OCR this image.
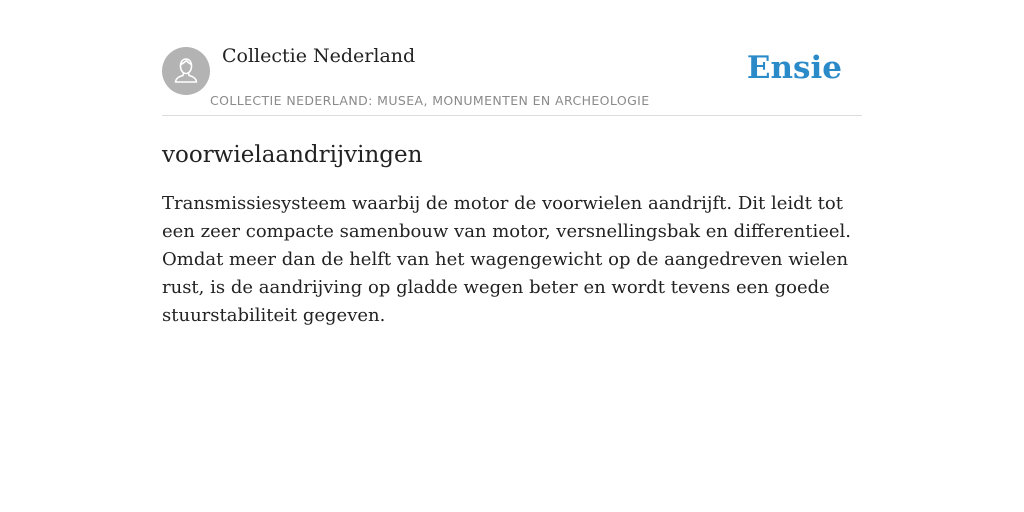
Collectie Nederland
COLLECTIE NEDERLAND: MUSEA, MONUMENTEN EN ARCHEOLOGIE
Ensie
voorwielaandrijvingen

Transmissiesysteem waarbij de motor de voorwielen aandrijft. Dit leidt tot een zeer compacte samenbouw van motor, versnellingsbak en differentieel. Omdat meer dan de helft van het wagengewicht op de aangedreven wielen rust, is de aandrijving op gladde wegen beter en wordt tevens een goede stuurstabiliteit gegeven.
